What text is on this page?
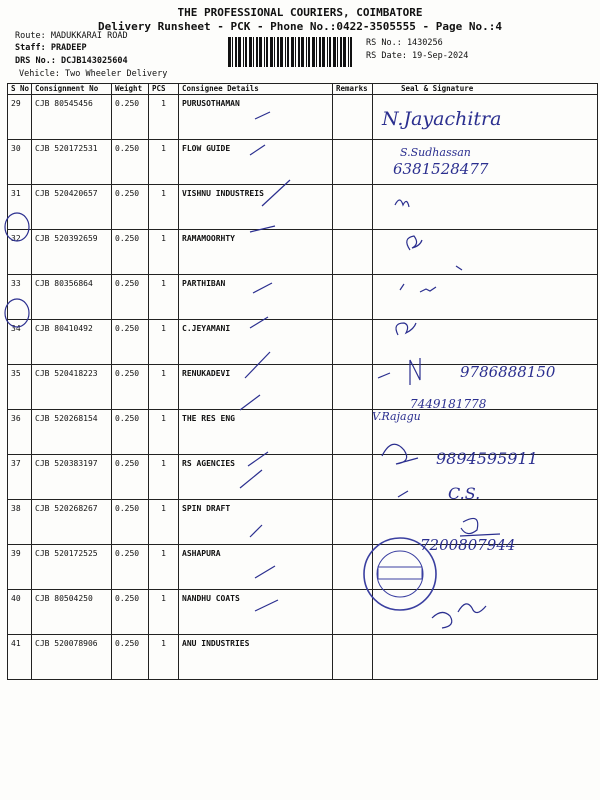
THE PROFESSIONAL COURIERS, COIMBATORE
Delivery Runsheet - PCK - Phone No.:0422-3505555 - Page No.:4
Route: MADUKKARAI ROAD
Staff: PRADEEP
DRS No.: DCJB143025604
Vehicle: Two Wheeler Delivery
RS No.: 1430256
RS Date: 19-Sep-2024
S No	Consignment No	Weight	PCS	Consignee Details	Remarks	Seal & Signature
29	CJB 80545456	0.250	1	PURUSOTHAMAN		
30	CJB 520172531	0.250	1	FLOW GUIDE		
31	CJB 520420657	0.250	1	VISHNU INDUSTREIS		
32	CJB 520392659	0.250	1	RAMAMOORHTY		
33	CJB 80356864	0.250	1	PARTHIBAN		
34	CJB 80410492	0.250	1	C.JEYAMANI		
35	CJB 520418223	0.250	1	RENUKADEVI		
36	CJB 520268154	0.250	1	THE RES ENG		
37	CJB 520383197	0.250	1	RS AGENCIES		
38	CJB 520268267	0.250	1	SPIN DRAFT		
39	CJB 520172525	0.250	1	ASHAPURA		
40	CJB 80504250	0.250	1	NANDHU COATS		
41	CJB 520078906	0.250	1	ANU INDUSTRIES		
N.Jayachitra
S.Sudhassan
6381528477
9786888150
7449181778
V.Rajagu
9894595911
C.S.
7200807944
